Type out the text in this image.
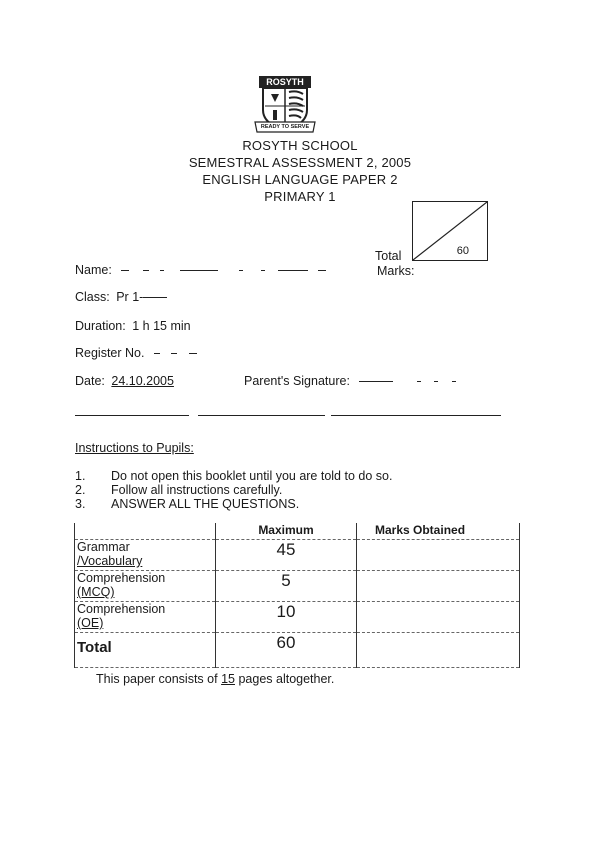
ROSYTH
READY TO SERVE
ROSYTH SCHOOL
SEMESTRAL ASSESSMENT 2, 2005
ENGLISH LANGUAGE PAPER 2
PRIMARY 1
60
Total
Marks:
Name:
Class: Pr 1-
Duration: 1 h 15 min
Register No.
Date: 24.10.2005	Parent's Signature:
Instructions to Pupils:
1. Do not open this booklet until you are told to do so.
2. Follow all instructions carefully.
3. ANSWER ALL THE QUESTIONS.
	Maximum	Marks Obtained

Grammar
/Vocabulary	45	

Comprehension
(MCQ)	5	

Comprehension
(OE)	10	
Total	60	
This paper consists of 15 pages altogether.
